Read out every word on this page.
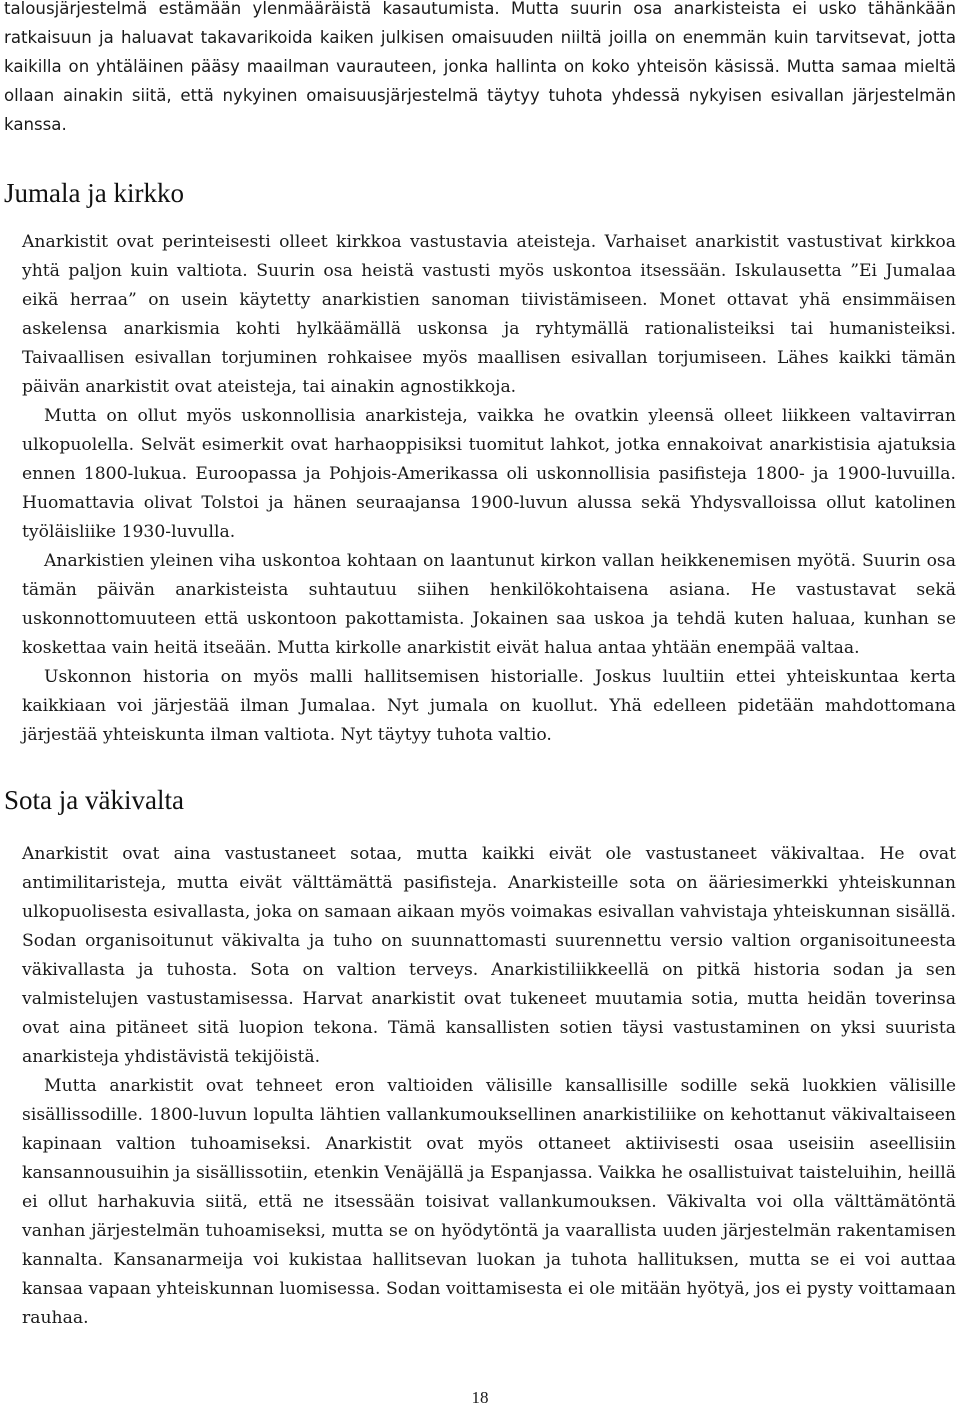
talousjärjestelmä estämään ylenmääräistä kasautumista. Mutta suurin osa anarkisteista ei usko tähänkään ratkaisuun ja haluavat takavarikoida kaiken julkisen omaisuuden niiltä joilla on enemmän kuin tarvitsevat, jotta kaikilla on yhtäläinen pääsy maailman vaurauteen, jonka hallinta on koko yhteisön käsissä. Mutta samaa mieltä ollaan ainakin siitä, että nykyinen omaisuusjärjestelmä täytyy tuhota yhdessä nykyisen esivallan järjestelmän kanssa.

Jumala ja kirkko

Anarkistit ovat perinteisesti olleet kirkkoa vastustavia ateisteja. Varhaiset anarkistit vastustivat kirkkoa yhtä paljon kuin valtiota. Suurin osa heistä vastusti myös uskontoa itsessään. Iskulausetta ”Ei Jumalaa eikä herraa” on usein käytetty anarkistien sanoman tiivistämiseen. Monet ottavat yhä ensimmäisen askelensa anarkismia kohti hylkäämällä uskonsa ja ryhtymällä rationalisteiksi tai humanisteiksi. Taivaallisen esivallan torjuminen rohkaisee myös maallisen esivallan torjumiseen. Lähes kaikki tämän päivän anarkistit ovat ateisteja, tai ainakin agnostikkoja.

Mutta on ollut myös uskonnollisia anarkisteja, vaikka he ovatkin yleensä olleet liikkeen valtavirran ulkopuolella. Selvät esimerkit ovat harhaoppisiksi tuomitut lahkot, jotka ennakoivat anarkistisia ajatuksia ennen 1800-lukua. Euroopassa ja Pohjois-Amerikassa oli uskonnollisia pasifisteja 1800- ja 1900-luvuilla. Huomattavia olivat Tolstoi ja hänen seuraajansa 1900-luvun alussa sekä Yhdysvalloissa ollut katolinen työläisliike 1930-luvulla.

Anarkistien yleinen viha uskontoa kohtaan on laantunut kirkon vallan heikkenemisen myötä. Suurin osa tämän päivän anarkisteista suhtautuu siihen henkilökohtaisena asiana. He vastustavat sekä uskonnottomuuteen että uskontoon pakottamista. Jokainen saa uskoa ja tehdä kuten haluaa, kunhan se koskettaa vain heitä itseään. Mutta kirkolle anarkistit eivät halua antaa yhtään enempää valtaa.

Uskonnon historia on myös malli hallitsemisen historialle. Joskus luultiin ettei yhteiskuntaa kerta kaikkiaan voi järjestää ilman Jumalaa. Nyt jumala on kuollut. Yhä edelleen pidetään mahdottomana järjestää yhteiskunta ilman valtiota. Nyt täytyy tuhota valtio.

Sota ja väkivalta

Anarkistit ovat aina vastustaneet sotaa, mutta kaikki eivät ole vastustaneet väkivaltaa. He ovat antimilitaristeja, mutta eivät välttämättä pasifisteja. Anarkisteille sota on ääriesimerkki yhteiskunnan ulkopuolisesta esivallasta, joka on samaan aikaan myös voimakas esivallan vahvistaja yhteiskunnan sisällä. Sodan organisoitunut väkivalta ja tuho on suunnattomasti suurennettu versio valtion organisoituneesta väkivallasta ja tuhosta. Sota on valtion terveys. Anarkistiliikkeellä on pitkä historia sodan ja sen valmistelujen vastustamisessa. Harvat anarkistit ovat tukeneet muutamia sotia, mutta heidän toverinsa ovat aina pitäneet sitä luopion tekona. Tämä kansallisten sotien täysi vastustaminen on yksi suurista anarkisteja yhdistävistä tekijöistä.

Mutta anarkistit ovat tehneet eron valtioiden välisille kansallisille sodille sekä luokkien välisille sisällissodille. 1800-luvun lopulta lähtien vallankumouksellinen anarkistiliike on kehottanut väkivaltaiseen kapinaan valtion tuhoamiseksi. Anarkistit ovat myös ottaneet aktiivisesti osaa useisiin aseellisiin kansannousuihin ja sisällissotiin, etenkin Venäjällä ja Espanjassa. Vaikka he osallistuivat taisteluihin, heillä ei ollut harhakuvia siitä, että ne itsessään toisivat vallankumouksen. Väkivalta voi olla välttämätöntä vanhan järjestelmän tuhoamiseksi, mutta se on hyödytöntä ja vaarallista uuden järjestelmän rakentamisen kannalta. Kansanarmeija voi kukistaa hallitsevan luokan ja tuhota hallituksen, mutta se ei voi auttaa kansaa vapaan yhteiskunnan luomisessa. Sodan voittamisesta ei ole mitään hyötyä, jos ei pysty voittamaan rauhaa.

18
